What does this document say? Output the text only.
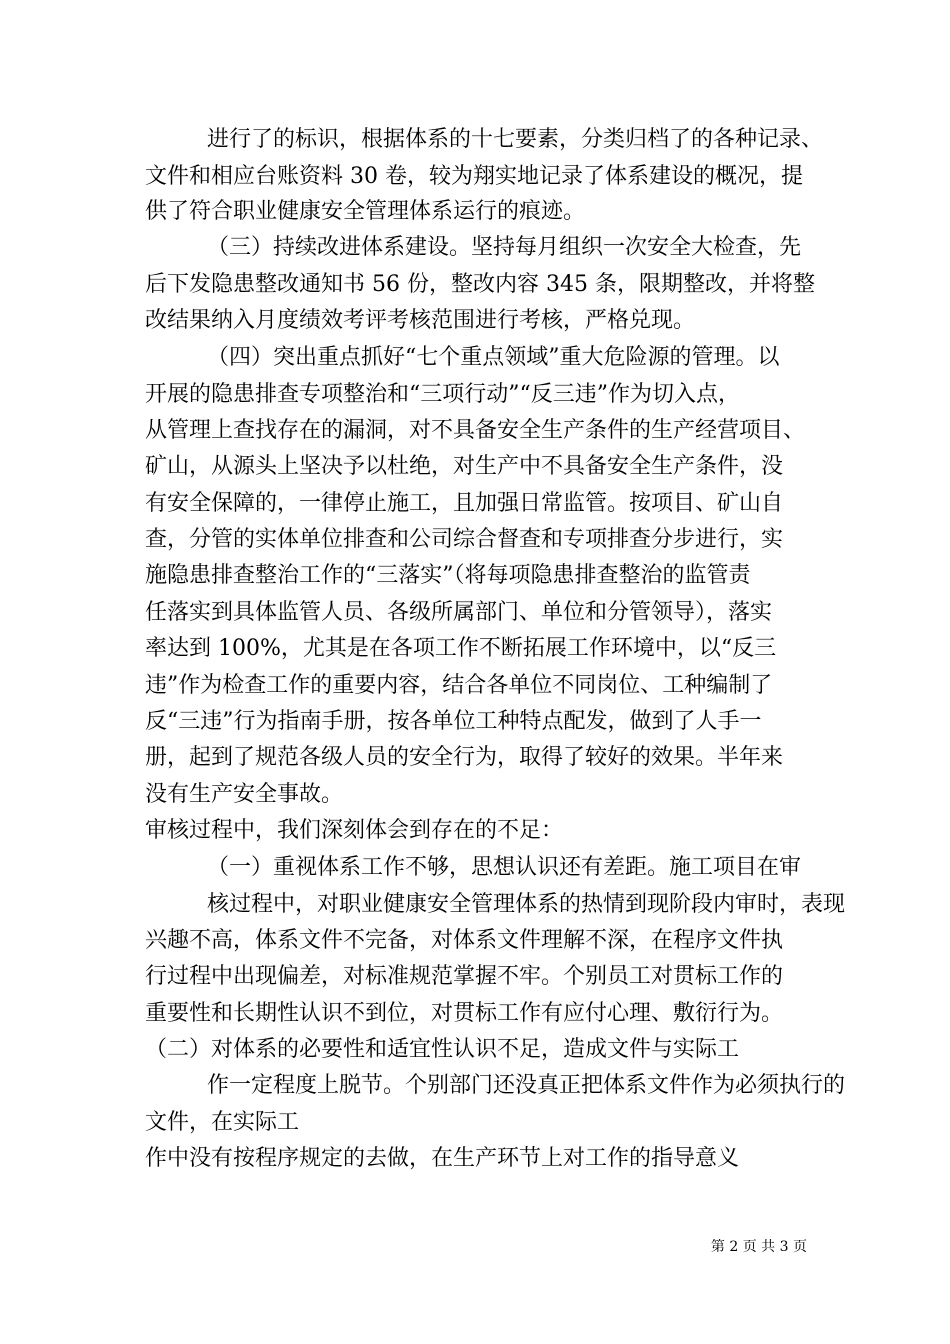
进行了的标识，根据体系的十七要素，分类归档了的各种记录、
文件和相应台账资料 30 卷，较为翔实地记录了体系建设的概况，提
供了符合职业健康安全管理体系运行的痕迹。
（三）持续改进体系建设。坚持每月组织一次安全大检查，先
后下发隐患整改通知书 56 份，整改内容 345 条，限期整改，并将整
改结果纳入月度绩效考评考核范围进行考核，严格兑现。
（四）突出重点抓好“七个重点领域”重大危险源的管理。以
开展的隐患排查专项整治和“三项行动”“反三违”作为切入点，
从管理上查找存在的漏洞，对不具备安全生产条件的生产经营项目、
矿山，从源头上坚决予以杜绝，对生产中不具备安全生产条件，没
有安全保障的，一律停止施工，且加强日常监管。按项目、矿山自
查，分管的实体单位排查和公司综合督查和专项排查分步进行，实
施隐患排查整治工作的“三落实”（将每项隐患排查整治的监管责
任落实到具体监管人员、各级所属部门、单位和分管领导），落实
率达到 100%，尤其是在各项工作不断拓展工作环境中，以“反三
违”作为检查工作的重要内容，结合各单位不同岗位、工种编制了
反“三违”行为指南手册，按各单位工种特点配发，做到了人手一
册，起到了规范各级人员的安全行为，取得了较好的效果。半年来
没有生产安全事故。
审核过程中，我们深刻体会到存在的不足：
（一）重视体系工作不够，思想认识还有差距。施工项目在审
核过程中，对职业健康安全管理体系的热情到现阶段内审时，表现
兴趣不高，体系文件不完备，对体系文件理解不深，在程序文件执
行过程中出现偏差，对标准规范掌握不牢。个别员工对贯标工作的
重要性和长期性认识不到位，对贯标工作有应付心理、敷衍行为。
（二）对体系的必要性和适宜性认识不足，造成文件与实际工
作一定程度上脱节。个别部门还没真正把体系文件作为必须执行的
文件，在实际工
作中没有按程序规定的去做，在生产环节上对工作的指导意义
第 2 页 共 3 页
